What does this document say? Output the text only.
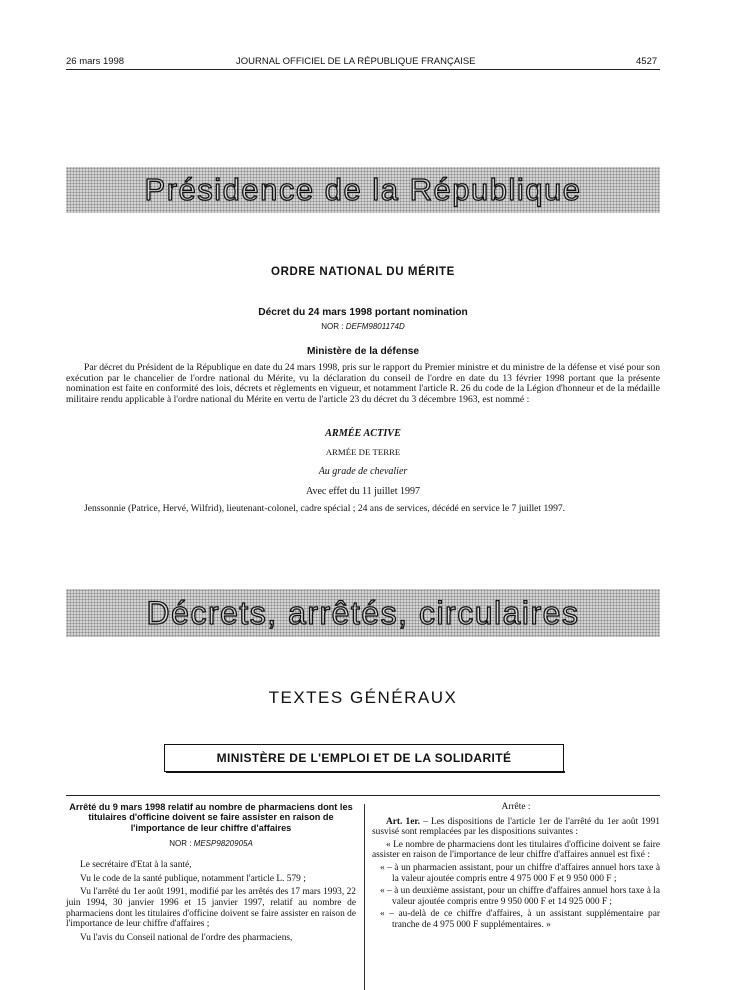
26 mars 1998	JOURNAL OFFICIEL DE LA RÉPUBLIQUE FRANÇAISE	4527
Présidence de la République
ORDRE NATIONAL DU MÉRITE
Décret du 24 mars 1998 portant nomination
NOR : DEFM9801174D
Ministère de la défense
Par décret du Président de la République en date du 24 mars 1998, pris sur le rapport du Premier ministre et du ministre de la défense et visé pour son exécution par le chancelier de l'ordre national du Mérite, vu la déclaration du conseil de l'ordre en date du 13 février 1998 portant que la présente nomination est faite en conformité des lois, décrets et règlements en vigueur, et notamment l'article R. 26 du code de la Légion d'honneur et de la médaille militaire rendu applicable à l'ordre national du Mérite en vertu de l'article 23 du décret du 3 décembre 1963, est nommé :
ARMÉE ACTIVE
ARMÉE DE TERRE
Au grade de chevalier
Avec effet du 11 juillet 1997
Jenssonnie (Patrice, Hervé, Wilfrid), lieutenant-colonel, cadre spécial ; 24 ans de services, décédé en service le 7 juillet 1997.
Décrets, arrêtés, circulaires
TEXTES GÉNÉRAUX
MINISTÈRE DE L'EMPLOI ET DE LA SOLIDARITÉ
Arrêté du 9 mars 1998 relatif au nombre de pharmaciens dont les titulaires d'officine doivent se faire assister en raison de l'importance de leur chiffre d'affaires
NOR : MESP9820905A

Le secrétaire d'Etat à la santé,

Vu le code de la santé publique, notamment l'article L. 579 ;

Vu l'arrêté du 1er août 1991, modifié par les arrêtés des 17 mars 1993, 22 juin 1994, 30 janvier 1996 et 15 janvier 1997, relatif au nombre de pharmaciens dont les titulaires d'officine doivent se faire assister en raison de l'importance de leur chiffre d'affaires ;

Vu l'avis du Conseil national de l'ordre des pharmaciens,

Arrête :

Art. 1er. – Les dispositions de l'article 1er de l'arrêté du 1er août 1991 susvisé sont remplacées par les dispositions suivantes :

« Le nombre de pharmaciens dont les titulaires d'officine doivent se faire assister en raison de l'importance de leur chiffre d'affaires annuel est fixé :

« – à un pharmacien assistant, pour un chiffre d'affaires annuel hors taxe à la valeur ajoutée compris entre 4 975 000 F et 9 950 000 F ;

« – à un deuxième assistant, pour un chiffre d'affaires annuel hors taxe à la valeur ajoutée compris entre 9 950 000 F et 14 925 000 F ;

« – au-delà de ce chiffre d'affaires, à un assistant supplémentaire par tranche de 4 975 000 F supplémentaires. »
